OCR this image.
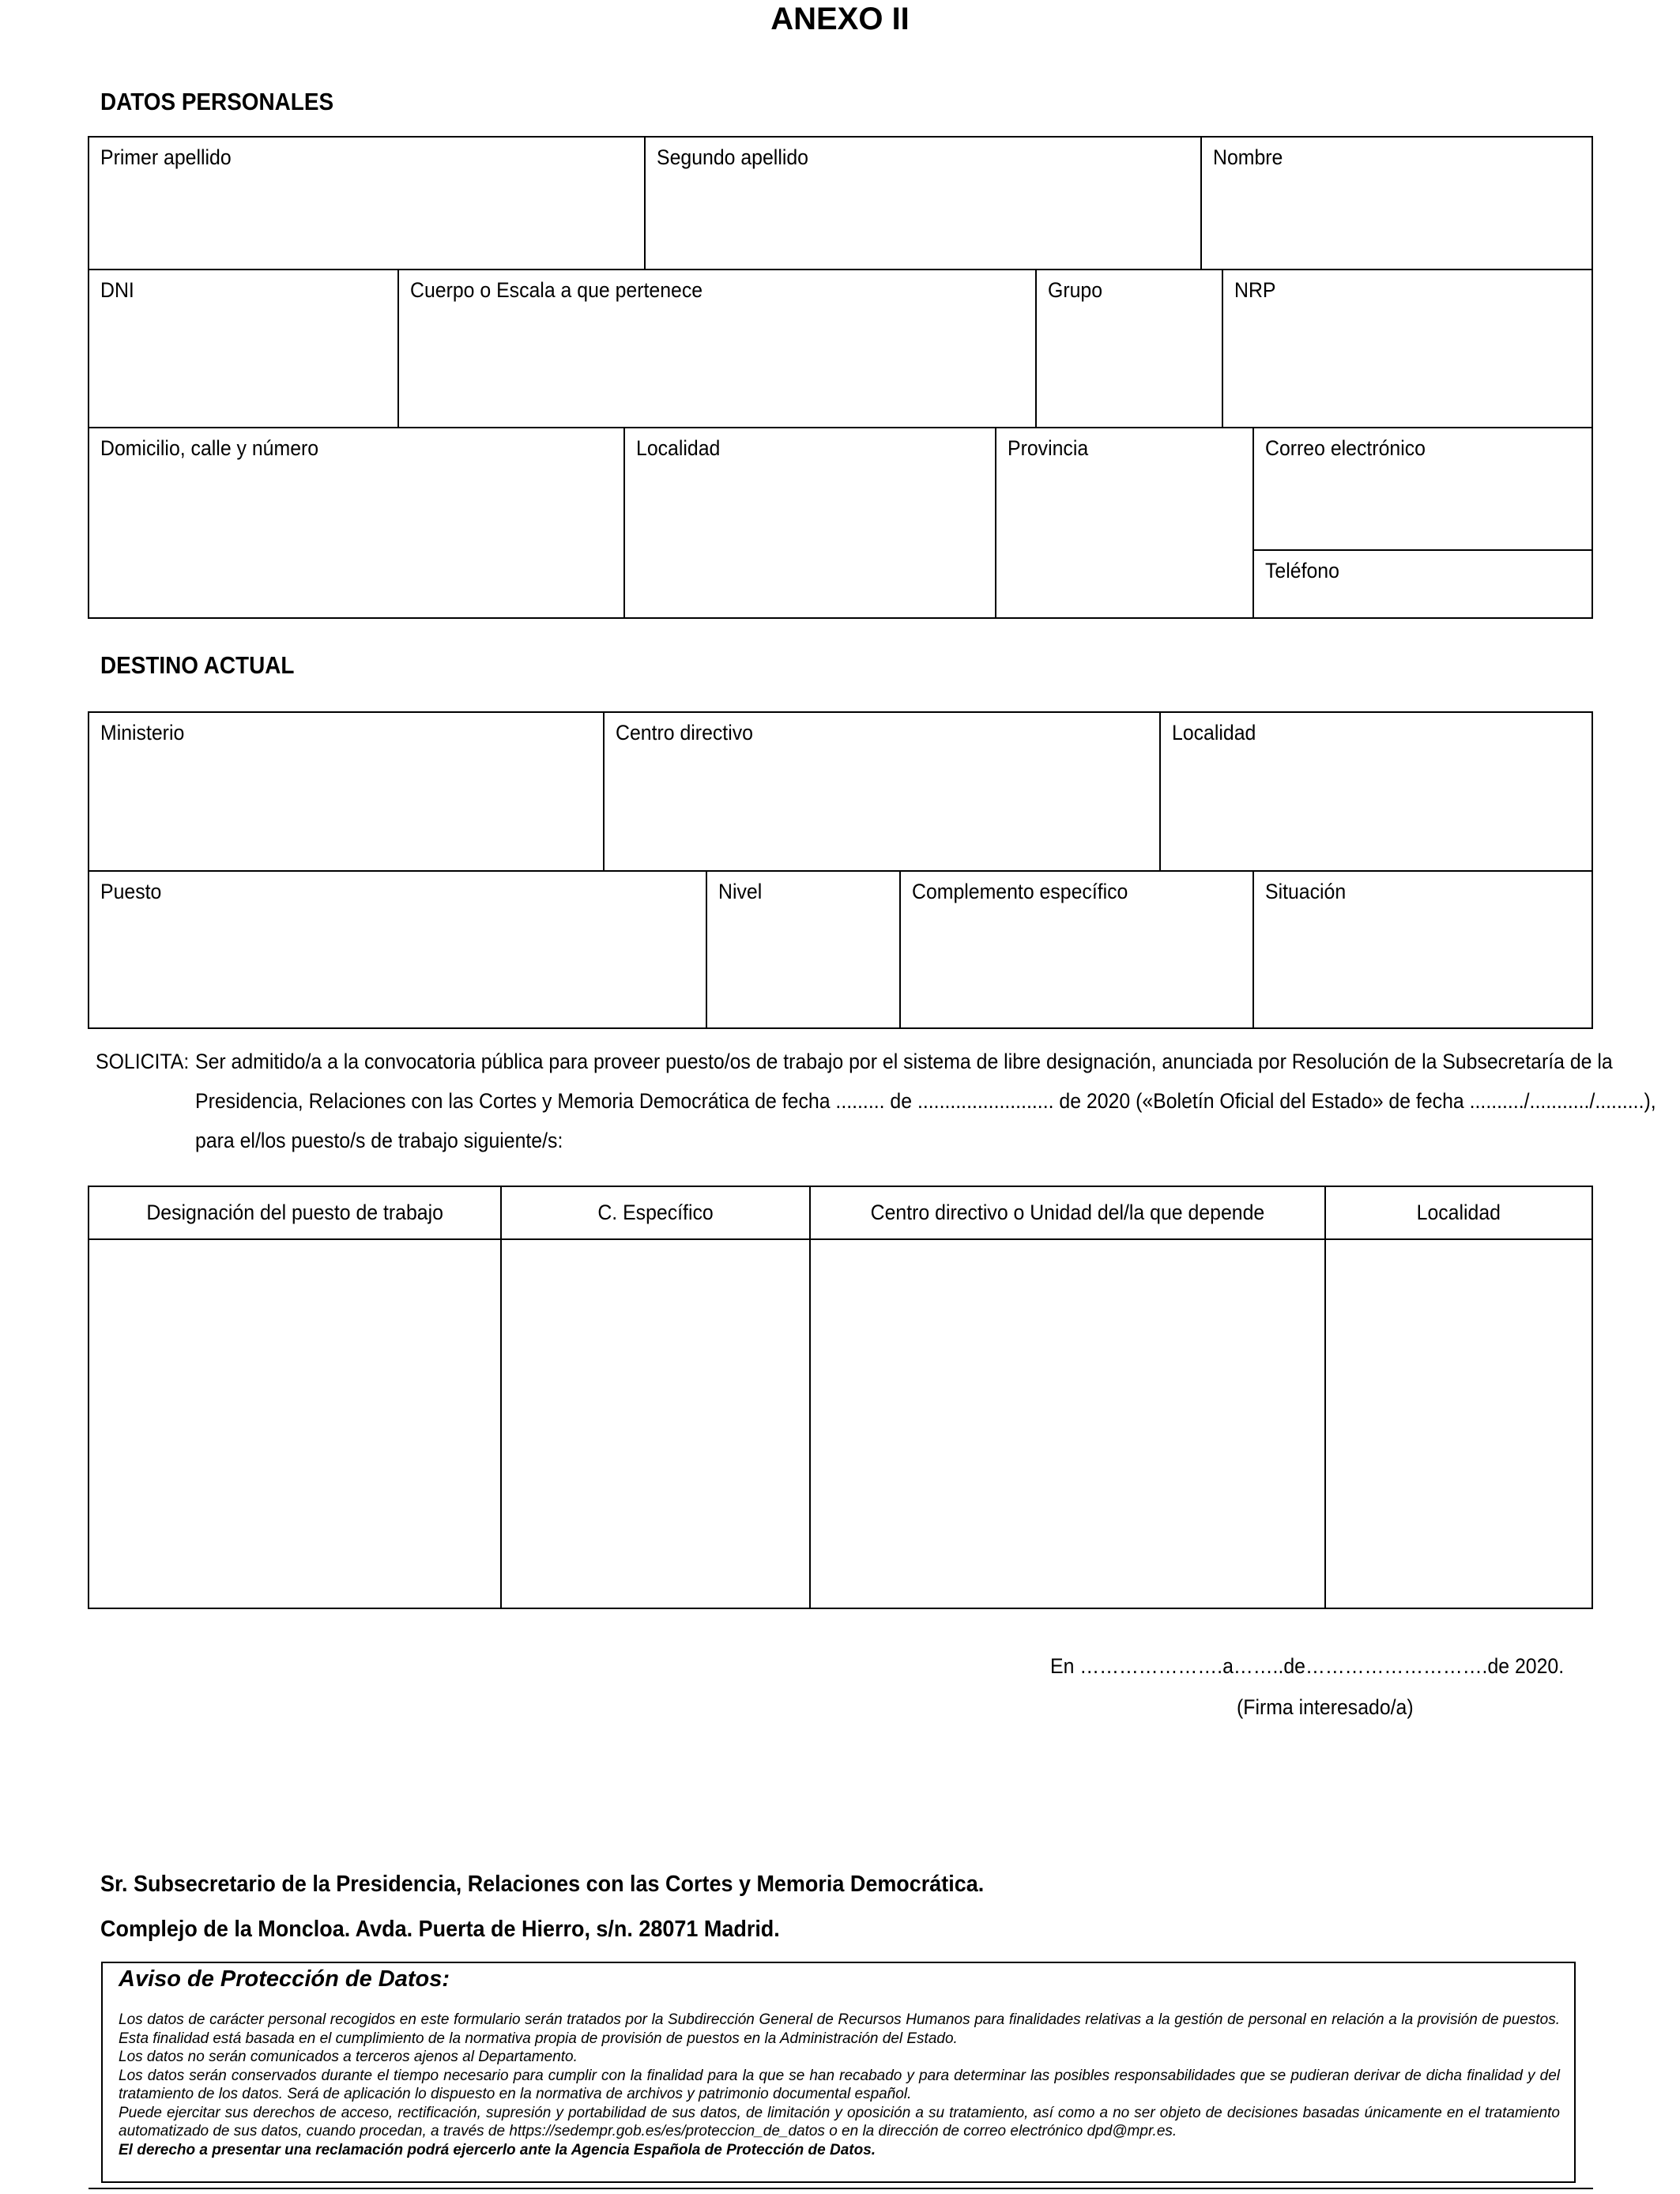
ANEXO II
DATOS PERSONALES
Primer apellido	Segundo apellido	Nombre
DNI	Cuerpo o Escala a que pertenece	Grupo	NRP
Domicilio, calle y número	Localidad	Provincia	Correo electrónico
Teléfono
DESTINO ACTUAL
Ministerio	Centro directivo	Localidad
Puesto	Nivel	Complemento específico	Situación
SOLICITA: Ser admitido/a a la convocatoria pública para proveer puesto/os de trabajo por el sistema de libre designación, anunciada por Resolución de la Subsecretaría de la
Presidencia, Relaciones con las Cortes y Memoria Democrática de fecha ......... de ......................... de 2020 («Boletín Oficial del Estado» de fecha ........../.........../.........),
para el/los puesto/s de trabajo siguiente/s:
Designación del puesto de trabajo	C. Específico	Centro directivo o Unidad del/la que depende	Localidad
En ………………….a……..de……………………….de 2020.
(Firma interesado/a)
Sr. Subsecretario de la Presidencia, Relaciones con las Cortes y Memoria Democrática.
Complejo de la Moncloa. Avda. Puerta de Hierro, s/n. 28071 Madrid.
Aviso de Protección de Datos:

Los datos de carácter personal recogidos en este formulario serán tratados por la Subdirección General de Recursos Humanos para finalidades relativas a la gestión de personal en relación a la provisión de puestos. Esta finalidad está basada en el cumplimiento de la normativa propia de provisión de puestos en la Administración del Estado.

Los datos no serán comunicados a terceros ajenos al Departamento.

Los datos serán conservados durante el tiempo necesario para cumplir con la finalidad para la que se han recabado y para determinar las posibles responsabilidades que se pudieran derivar de dicha finalidad y del tratamiento de los datos. Será de aplicación lo dispuesto en la normativa de archivos y patrimonio documental español.

Puede ejercitar sus derechos de acceso, rectificación, supresión y portabilidad de sus datos, de limitación y oposición a su tratamiento, así como a no ser objeto de decisiones basadas únicamente en el tratamiento automatizado de sus datos, cuando procedan, a través de https://sedempr.gob.es/es/proteccion_de_datos o en la dirección de correo electrónico dpd@mpr.es.

El derecho a presentar una reclamación podrá ejercerlo ante la Agencia Española de Protección de Datos.
